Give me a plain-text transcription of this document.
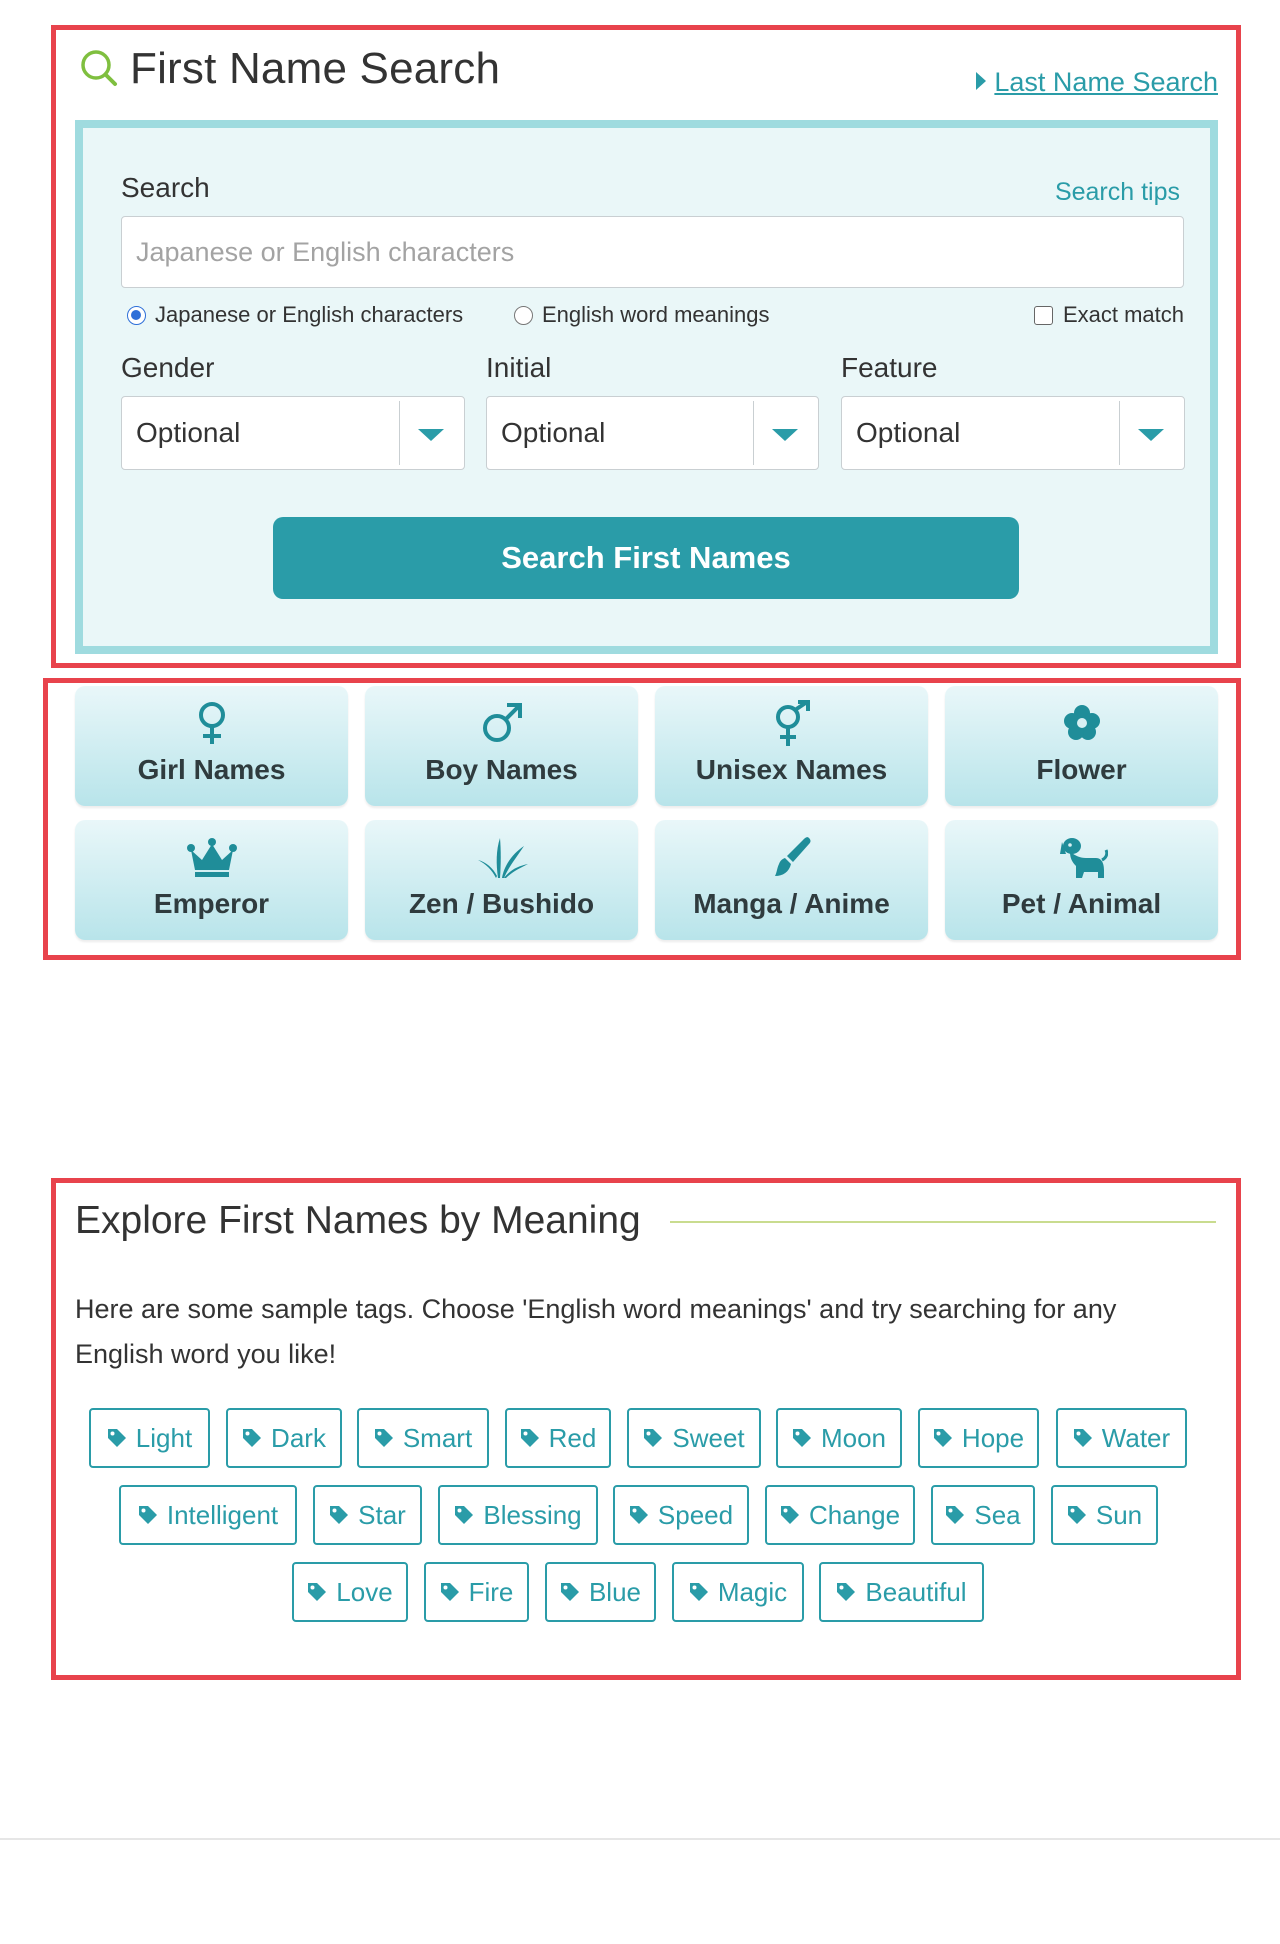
First Name Search	Last Name Search
Search	Search tips
Japanese or English characters
Japanese or English characters	English word meanings	Exact match
Gender
Optional
Initial
Optional
Feature
Optional
Search First Names
Girl Names	Boy Names	Unisex Names	Flower
Emperor	Zen / Bushido	Manga / Anime	Pet / Animal
Explore First Names by Meaning
Here are some sample tags. Choose 'English word meanings' and try searching for any English word you like!
Light	Dark	Smart	Red	Sweet	Moon	Hope	Water
Intelligent	Star	Blessing	Speed	Change	Sea	Sun
Love	Fire	Blue	Magic	Beautiful
